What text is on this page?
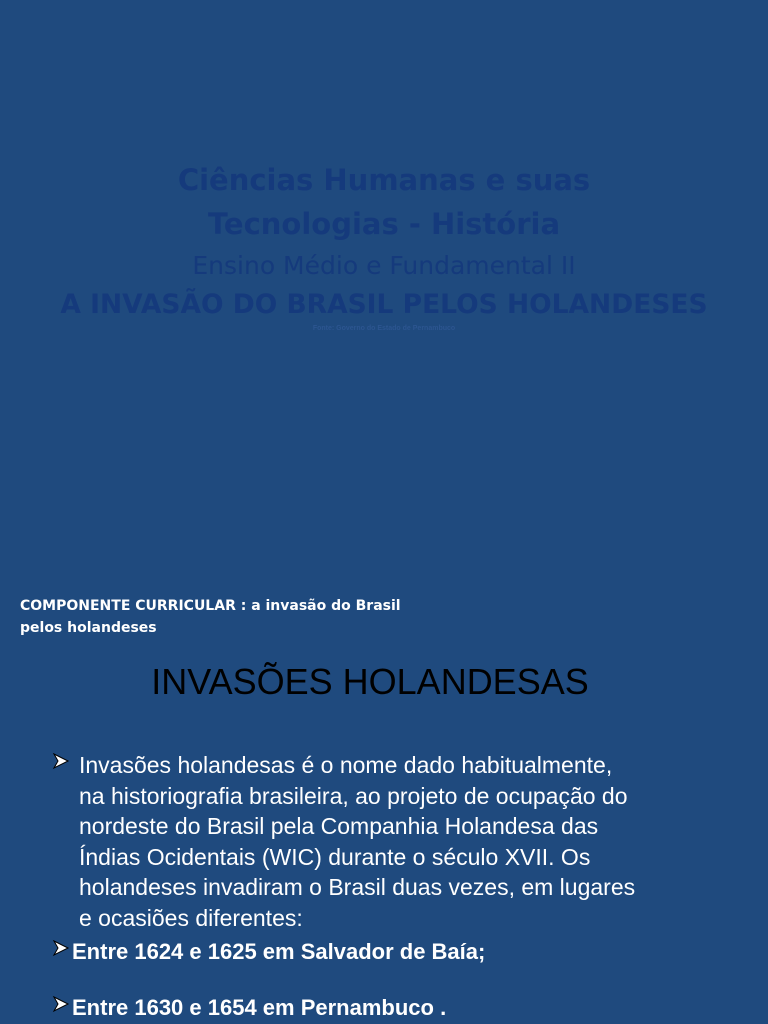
Ciências Humanas e suas
Tecnologias - História
Ensino Médio e Fundamental II
A INVASÃO DO BRASIL PELOS HOLANDESES
Fonte: Governo do Estado de Pernambuco
COMPONENTE CURRICULAR : a invasão do Brasil
pelos holandeses
INVASÕES HOLANDESAS
Invasões holandesas é o nome dado habitualmente,
na historiografia brasileira, ao projeto de ocupação do
nordeste do Brasil pela Companhia Holandesa das
Índias Ocidentais (WIC) durante o século XVII. Os
holandeses invadiram o Brasil duas vezes, em lugares
e ocasiões diferentes:
Entre 1624 e 1625 em Salvador de Baía;
Entre 1630 e 1654 em Pernambuco .
